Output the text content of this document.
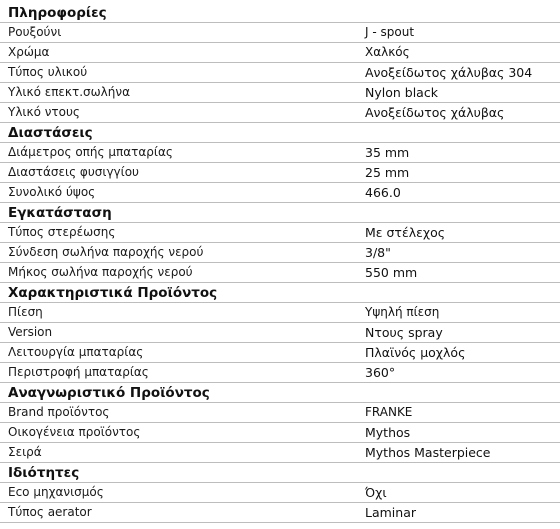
Πληροφορίες
Ρουξούνι	J - spout
Χρώμα	Χαλκός
Τύπος υλικού	Ανοξείδωτος χάλυβας 304
Υλικό επεκτ.σωλήνα	Nylon black
Υλικό ντους	Ανοξείδωτος χάλυβας
Διαστάσεις
Διάμετρος οπής μπαταρίας	35 mm
Διαστάσεις φυσιγγίου	25 mm
Συνολικό ύψος	466.0
Εγκατάσταση
Τύπος στερέωσης	Με στέλεχος
Σύνδεση σωλήνα παροχής νερού	3/8"
Μήκος σωλήνα παροχής νερού	550 mm
Χαρακτηριστικά Προϊόντος
Πίεση	Υψηλή πίεση
Version	Ντους spray
Λειτουργία μπαταρίας	Πλαϊνός μοχλός
Περιστροφή μπαταρίας	360°
Αναγνωριστικό Προϊόντος
Brand προϊόντος	FRANKE
Οικογένεια προϊόντος	Mythos
Σειρά	Mythos Masterpiece
Ιδιότητες
Eco μηχανισμός	Όχι
Τύπος aerator	Laminar
